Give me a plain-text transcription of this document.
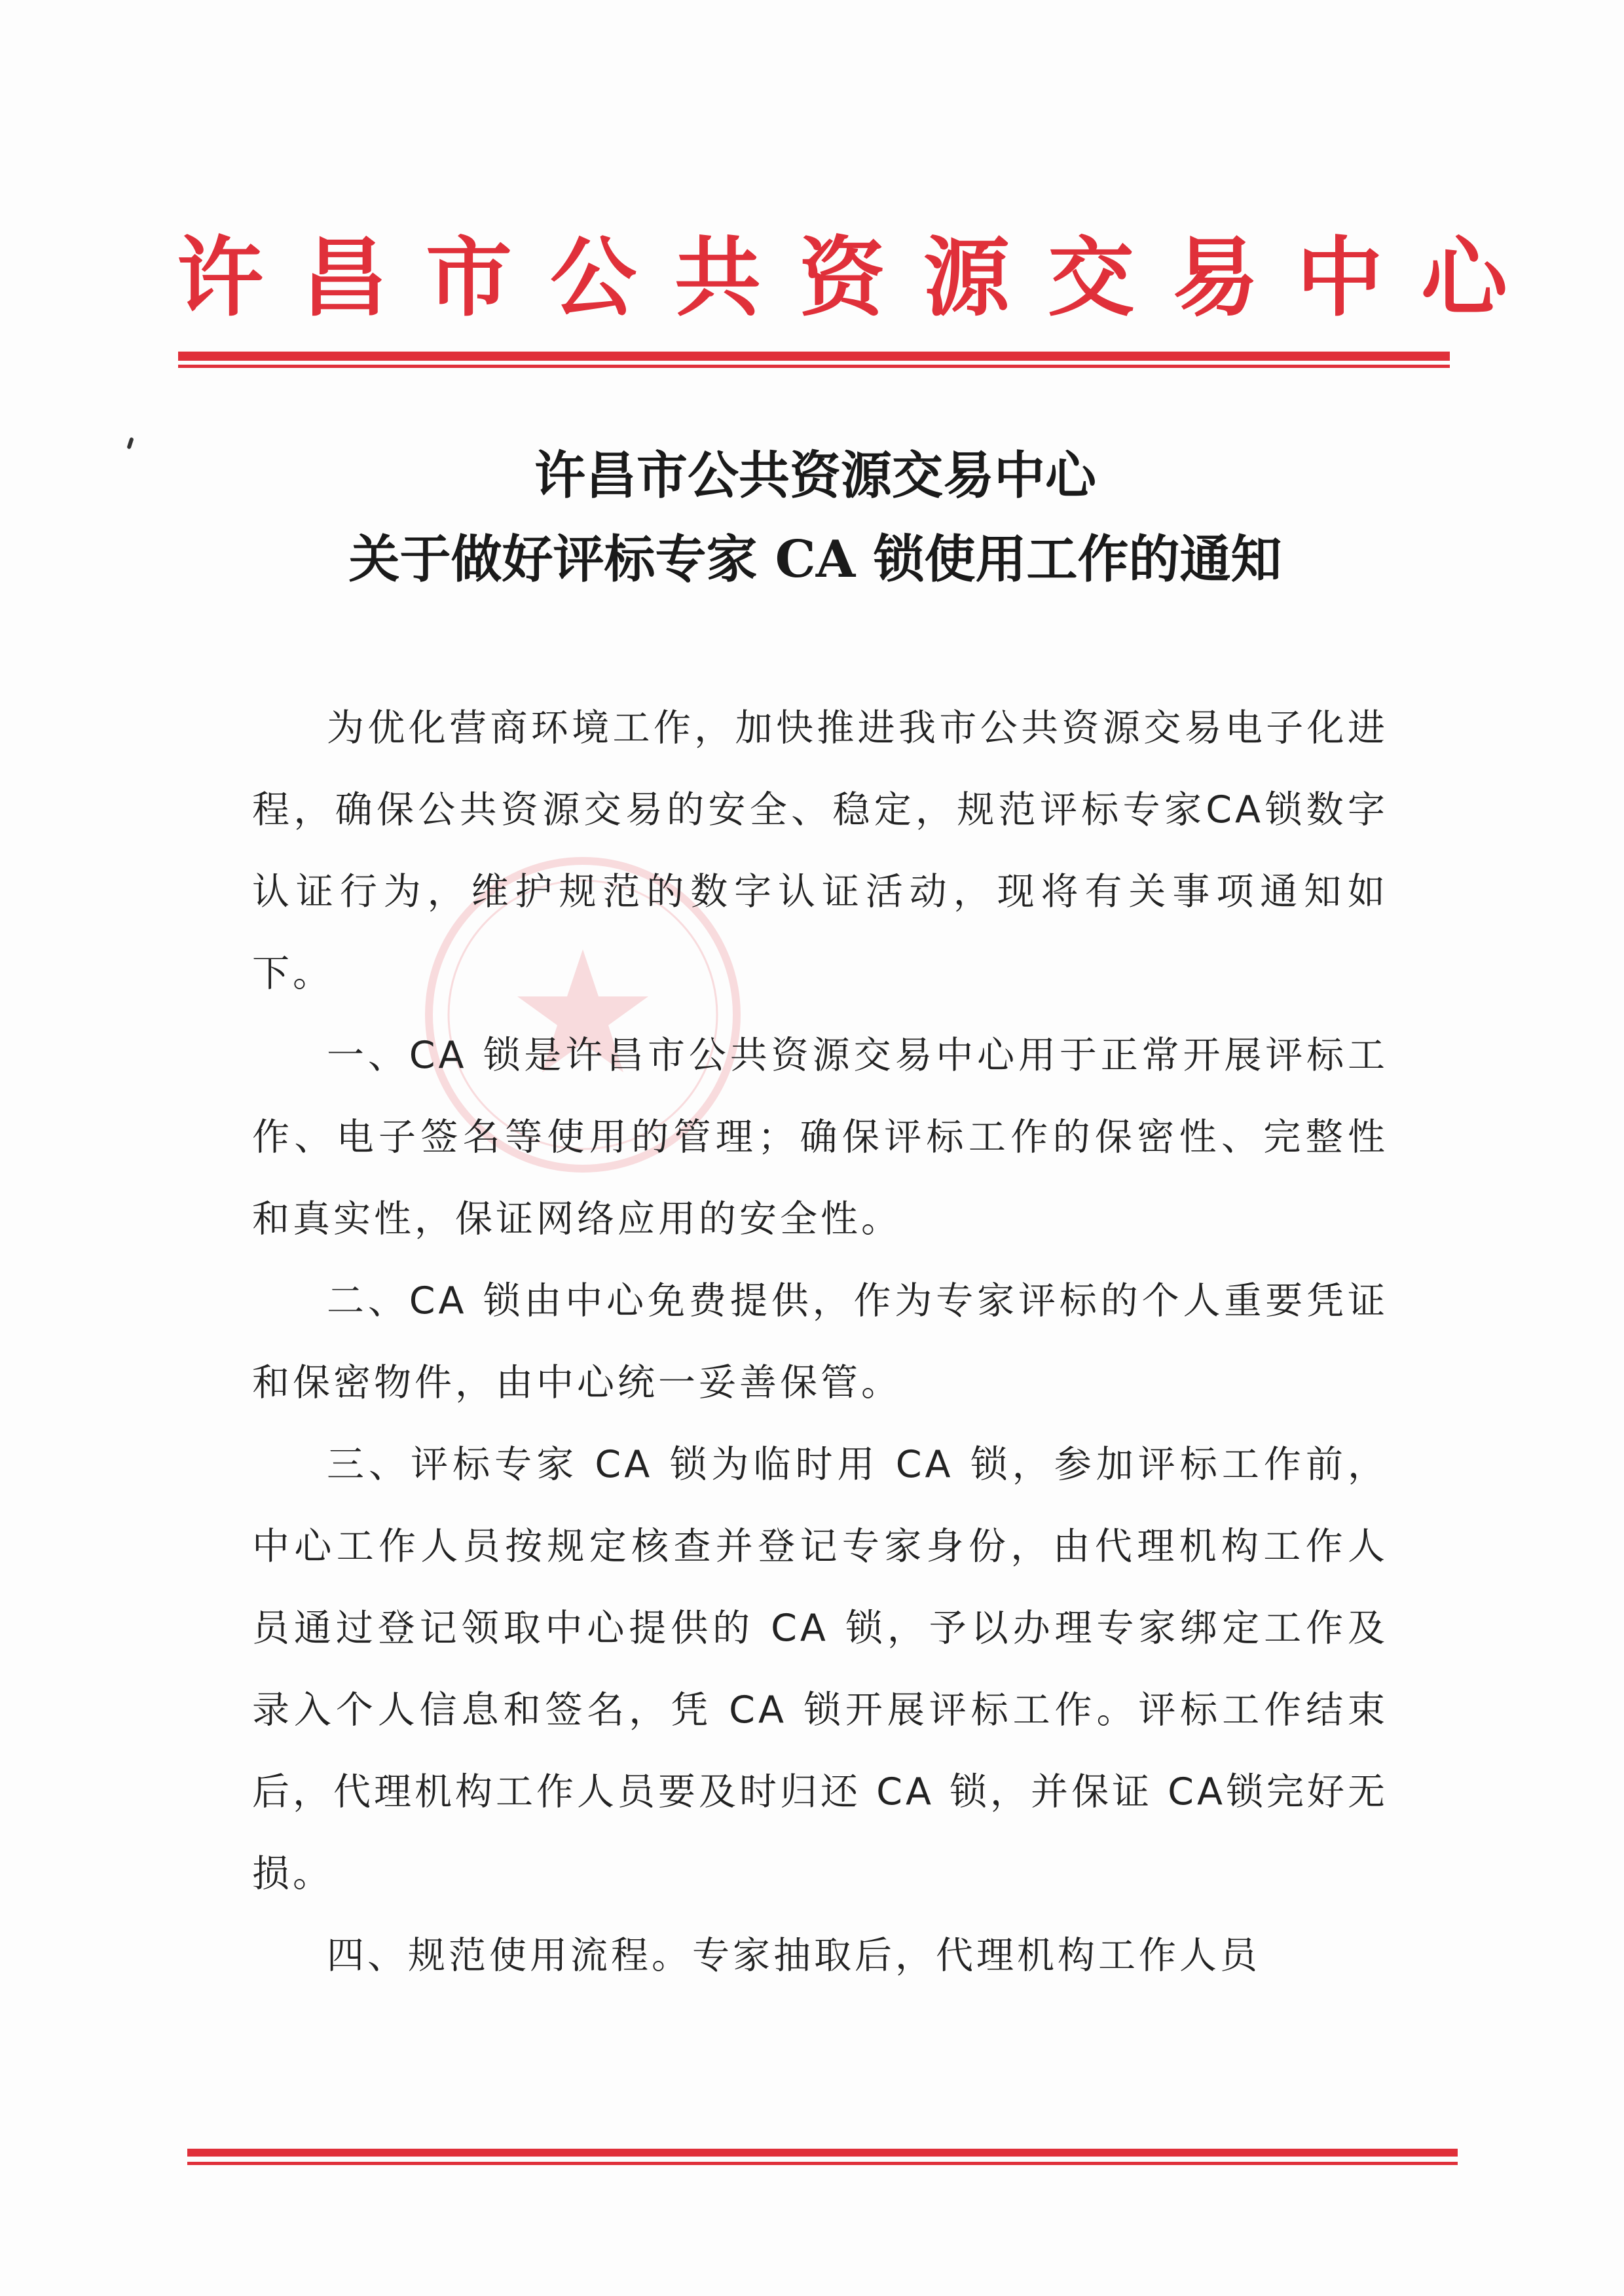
许昌市公共资源交易中心
许昌市公共资源交易中心
关于做好评标专家 CA 锁使用工作的通知

为优化营商环境工作，加快推进我市公共资源交易电子化进程，确保公共资源交易的安全、稳定，规范评标专家CA锁数字认证行为，维护规范的数字认证活动，现将有关事项通知如下。

一、CA 锁是许昌市公共资源交易中心用于正常开展评标工作、电子签名等使用的管理；确保评标工作的保密性、完整性和真实性，保证网络应用的安全性。

二、CA 锁由中心免费提供，作为专家评标的个人重要凭证和保密物件，由中心统一妥善保管。

三、评标专家 CA 锁为临时用 CA 锁，参加评标工作前，中心工作人员按规定核查并登记专家身份，由代理机构工作人员通过登记领取中心提供的 CA 锁，予以办理专家绑定工作及录入个人信息和签名，凭 CA 锁开展评标工作。评标工作结束后，代理机构工作人员要及时归还 CA 锁，并保证 CA锁完好无损。

四、规范使用流程。专家抽取后，代理机构工作人员
